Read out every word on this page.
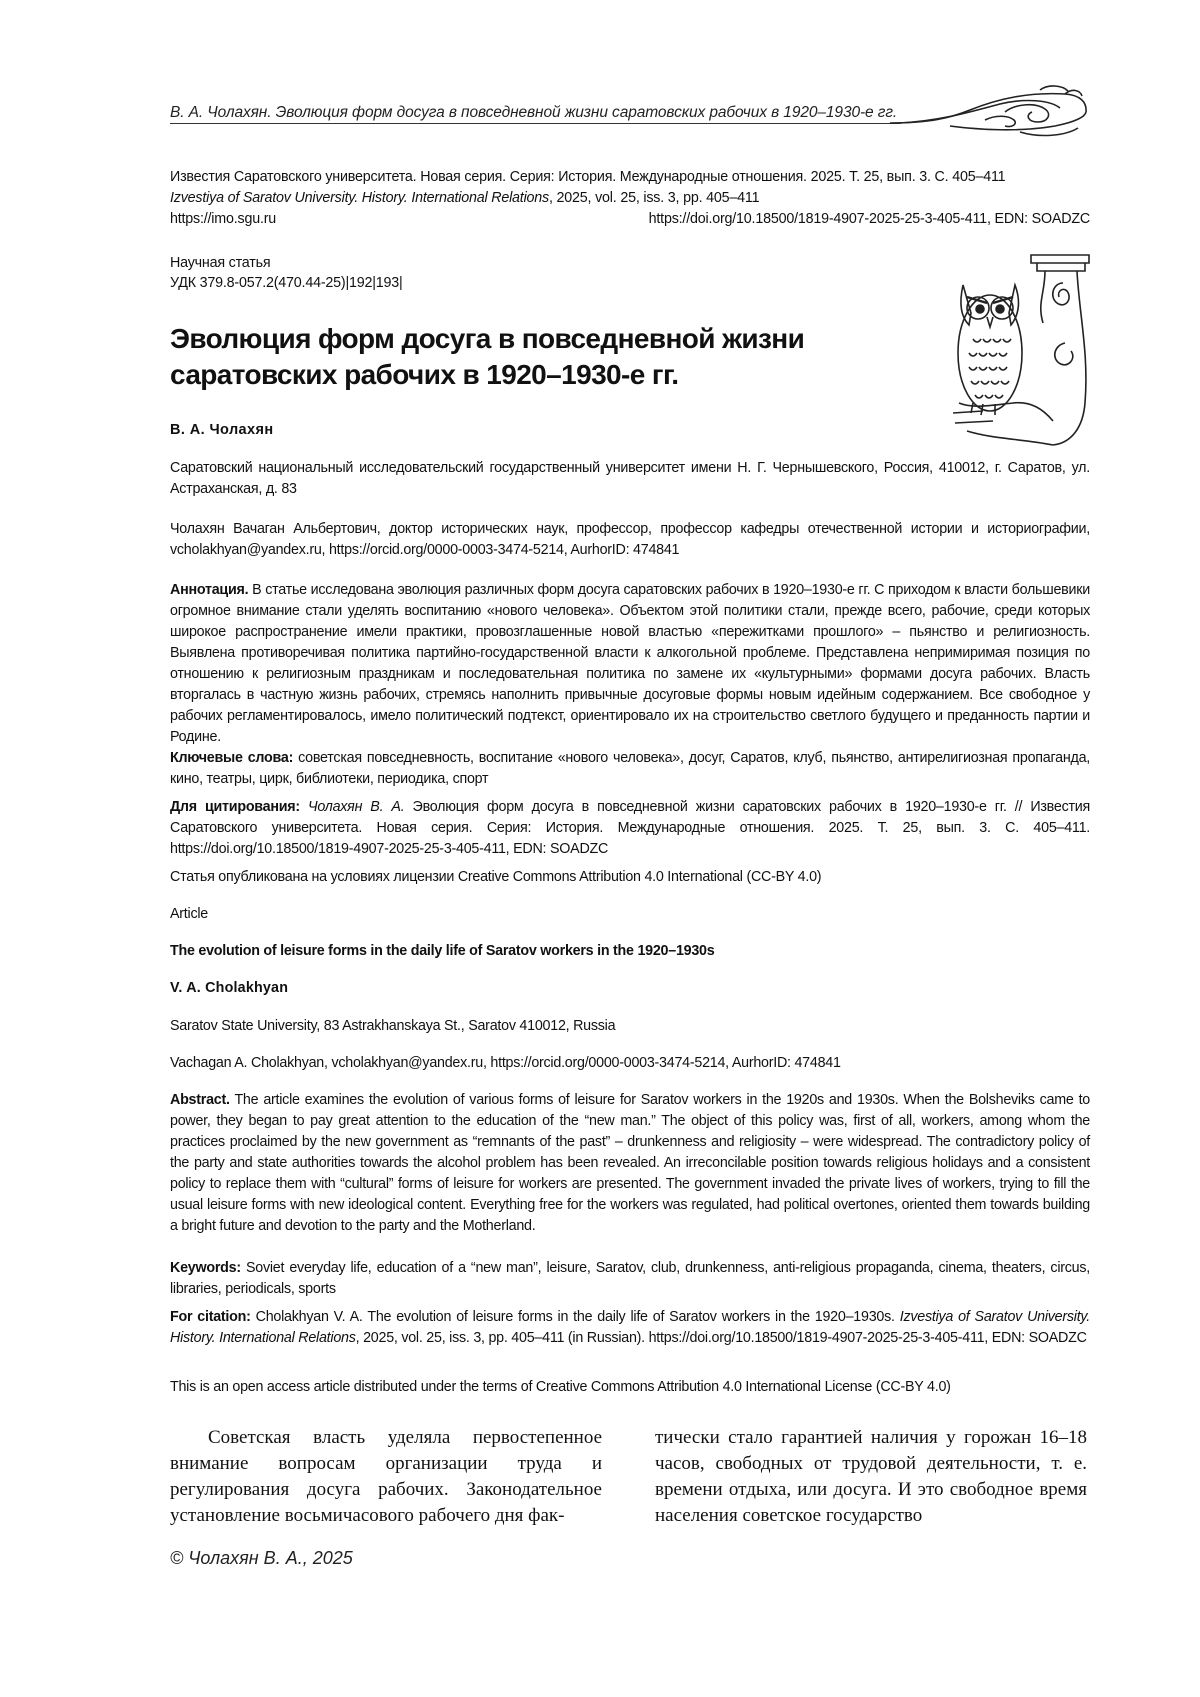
В. А. Чолахян. Эволюция форм досуга в повседневной жизни саратовских рабочих в 1920–1930-е гг.
Известия Саратовского университета. Новая серия. Серия: История. Международные отношения. 2025. Т. 25, вып. 3. С. 405–411
Izvestiya of Saratov University. History. International Relations, 2025, vol. 25, iss. 3, pp. 405–411
https://imo.sgu.ru	https://doi.org/10.18500/1819-4907-2025-25-3-405-411, EDN: SOADZC
Научная статья
УДК 379.8-057.2(470.44-25)|192|193|
Эволюция форм досуга в повседневной жизни
саратовских рабочих в 1920–1930-е гг.
В. А. Чолахян
Саратовский национальный исследовательский государственный университет имени Н. Г. Чернышевского, Россия, 410012, г. Саратов, ул. Астраханская, д. 83
Чолахян Вачаган Альбертович, доктор исторических наук, профессор, профессор кафедры отечественной истории и историографии, vcholakhyan@yandex.ru, https://orcid.org/0000-0003-3474-5214, AurhorID: 474841
Аннотация. В статье исследована эволюция различных форм досуга саратовских рабочих в 1920–1930-е гг. С приходом к власти большевики огромное внимание стали уделять воспитанию «нового человека». Объектом этой политики стали, прежде всего, рабочие, среди которых широкое распространение имели практики, провозглашенные новой властью «пережитками прошлого» – пьянство и религиозность. Выявлена противоречивая политика партийно-государственной власти к алкогольной проблеме. Представлена непримиримая позиция по отношению к религиозным праздникам и последовательная политика по замене их «культурными» формами досуга рабочих. Власть вторгалась в частную жизнь рабочих, стремясь наполнить привычные досуговые формы новым идейным содержанием. Все свободное у рабочих регламентировалось, имело политический подтекст, ориентировало их на строительство светлого будущего и преданность партии и Родине.
Ключевые слова: советская повседневность, воспитание «нового человека», досуг, Саратов, клуб, пьянство, антирелигиозная пропаганда, кино, театры, цирк, библиотеки, периодика, спорт
Для цитирования: Чолахян В. А. Эволюция форм досуга в повседневной жизни саратовских рабочих в 1920–1930-е гг. // Известия Саратовского университета. Новая серия. Серия: История. Международные отношения. 2025. Т. 25, вып. 3. С. 405–411. https://doi.org/10.18500/1819-4907-2025-25-3-405-411, EDN: SOADZC
Статья опубликована на условиях лицензии Creative Commons Attribution 4.0 International (CC-BY 4.0)
Article
The evolution of leisure forms in the daily life of Saratov workers in the 1920–1930s
V. A. Cholakhyan
Saratov State University, 83 Astrakhanskaya St., Saratov 410012, Russia
Vachagan A. Cholakhyan, vcholakhyan@yandex.ru, https://orcid.org/0000-0003-3474-5214, AurhorID: 474841
Abstract. The article examines the evolution of various forms of leisure for Saratov workers in the 1920s and 1930s. When the Bolsheviks came to power, they began to pay great attention to the education of the “new man.” The object of this policy was, first of all, workers, among whom the practices proclaimed by the new government as “remnants of the past” – drunkenness and religiosity – were widespread. The contradictory policy of the party and state authorities towards the alcohol problem has been revealed. An irreconcilable position towards religious holidays and a consistent policy to replace them with “cultural” forms of leisure for workers are presented. The government invaded the private lives of workers, trying to fill the usual leisure forms with new ideological content. Everything free for the workers was regulated, had political overtones, oriented them towards building a bright future and devotion to the party and the Motherland.
Keywords: Soviet everyday life, education of a “new man”, leisure, Saratov, club, drunkenness, anti-religious propaganda, cinema, theaters, circus, libraries, periodicals, sports
For citation: Cholakhyan V. A. The evolution of leisure forms in the daily life of Saratov workers in the 1920–1930s. Izvestiya of Saratov University. History. International Relations, 2025, vol. 25, iss. 3, pp. 405–411 (in Russian). https://doi.org/10.18500/1819-4907-2025-25-3-405-411, EDN: SOADZC
This is an open access article distributed under the terms of Creative Commons Attribution 4.0 International License (CC-BY 4.0)
Советская власть уделяла первостепенное внимание вопросам организации труда и регулирования досуга рабочих. Законодательное установление восьмичасового рабочего дня фак-
тически стало гарантией наличия у горожан 16–18 часов, свободных от трудовой деятельности, т. е. времени отдыха, или досуга. И это свободное время населения советское государство
© Чолахян В. А., 2025
